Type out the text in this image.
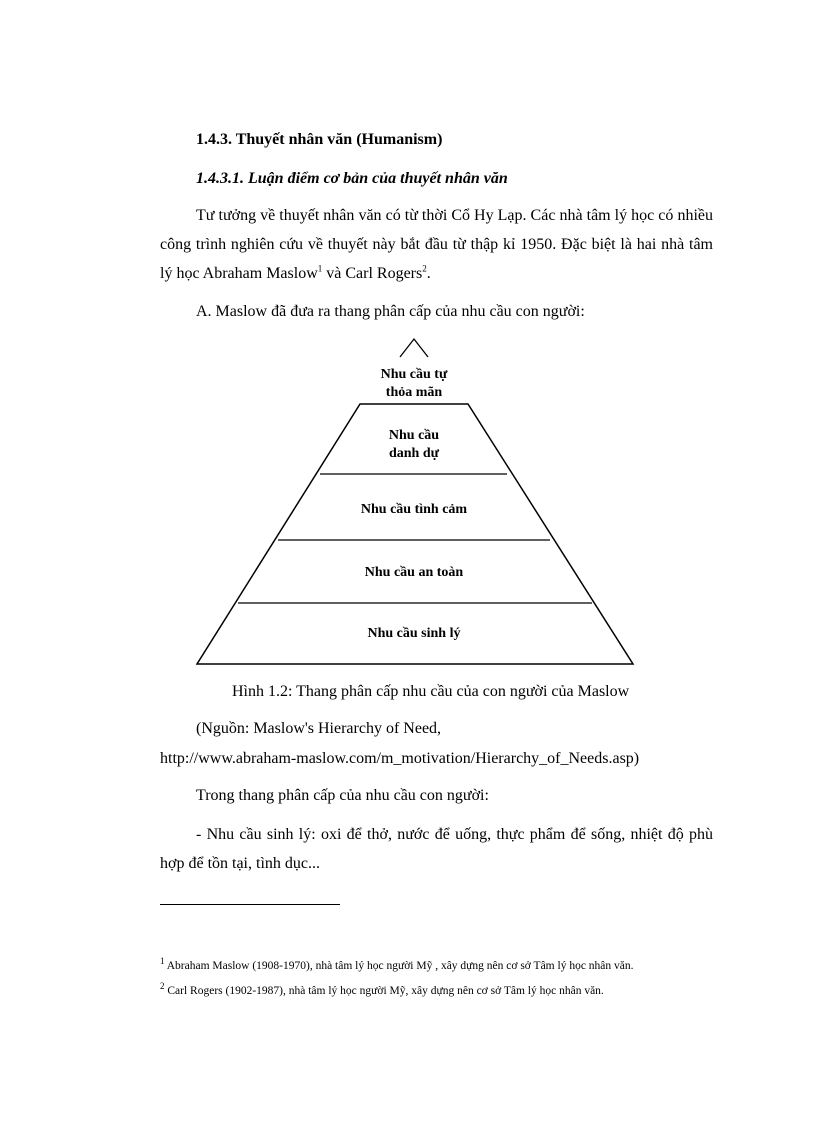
1.4.3. Thuyết nhân văn (Humanism)
1.4.3.1. Luận điểm cơ bản của thuyết nhân văn
Tư tưởng về thuyết nhân văn có từ thời Cổ Hy Lạp. Các nhà tâm lý học có nhiều công trình nghiên cứu về thuyết này bắt đầu từ thập kỉ 1950. Đặc biệt là hai nhà tâm lý học Abraham Maslow$^1$ và Carl Rogers$^2$.
A. Maslow đã đưa ra thang phân cấp của nhu cầu con người:
Nhu cầu tự
thỏa mãn
Nhu cầu
danh dự
Nhu cầu tình cảm
Nhu cầu an toàn
Nhu cầu sinh lý
Hình 1.2: Thang phân cấp nhu cầu của con người của Maslow
(Nguồn: Maslow's Hierarchy of Need,
http://www.abraham-maslow.com/m_motivation/Hierarchy_of_Needs.asp)
Trong thang phân cấp của nhu cầu con người:
- Nhu cầu sinh lý: oxi để thở, nước để uống, thực phẩm để sống, nhiệt độ phù hợp để tồn tại, tình dục...
$^1$ Abraham Maslow (1908-1970), nhà tâm lý học người Mỹ , xây dựng nên cơ sở Tâm lý học nhân văn.
$^2$ Carl Rogers (1902-1987), nhà tâm lý học người Mỹ, xây dựng nên cơ sở Tâm lý học nhân văn.
